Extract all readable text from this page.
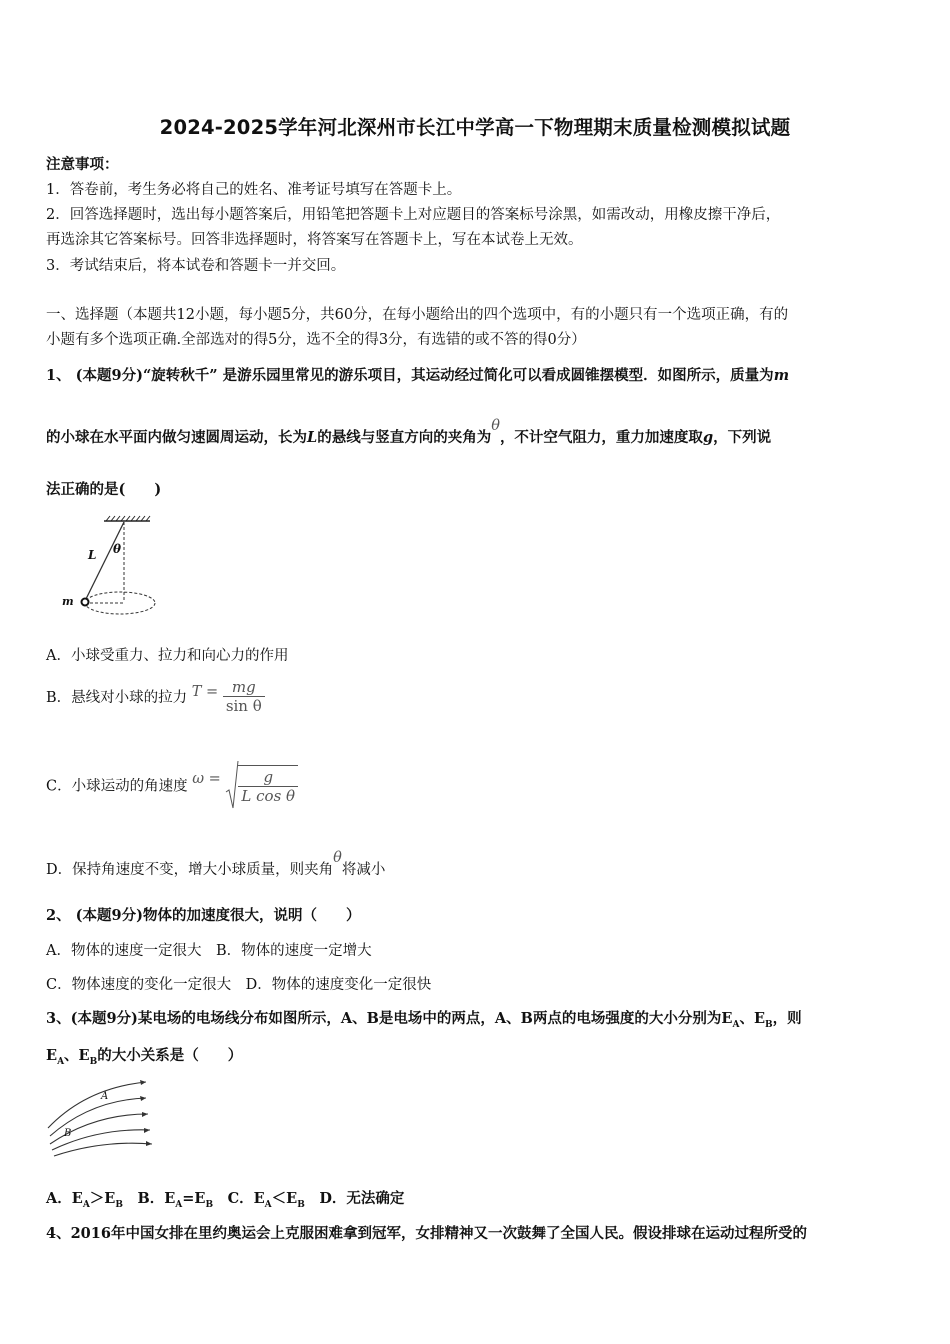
2024-2025学年河北深州市长江中学高一下物理期末质量检测模拟试题
注意事项：
1．答卷前，考生务必将自己的姓名、准考证号填写在答题卡上。
2．回答选择题时，选出每小题答案后，用铅笔把答题卡上对应题目的答案标号涂黑，如需改动，用橡皮擦干净后，
再选涂其它答案标号。回答非选择题时，将答案写在答题卡上，写在本试卷上无效。
3．考试结束后，将本试卷和答题卡一并交回。
一、选择题（本题共12小题，每小题5分，共60分，在每小题给出的四个选项中，有的小题只有一个选项正确，有的
小题有多个选项正确.全部选对的得5分，选不全的得3分，有选错的或不答的得0分）
1、 (本题9分)“旋转秋千” 是游乐园里常见的游乐项目，其运动经过简化可以看成圆锥摆模型．如图所示，质量为m
的小球在水平面内做匀速圆周运动，长为L的悬线与竖直方向的夹角为θ，不计空气阻力，重力加速度取g，下列说
法正确的是(　　)
L θ
m
A．小球受重力、拉力和向心力的作用
B．悬线对小球的拉力 $T = \frac{mg}{\text{sin θ}}$
C．小球运动的角速度 $\omega = \frac{g}{\text{L cos θ}}$
D．保持角速度不变，增大小球质量，则夹角θ将减小
2、 (本题9分)物体的加速度很大，说明（　　）
A．物体的速度一定很大　B．物体的速度一定增大
C．物体速度的变化一定很大　D．物体的速度变化一定很快
3、(本题9分)某电场的电场线分布如图所示，A、B是电场中的两点，A、B两点的电场强度的大小分别为$E_A$、$E_B$，则
$E_A$、$E_B$的大小关系是（　　）
A
B
A．$E_A>E_B$　B．$E_A=E_B$　C．$E_A<E_B$　D．无法确定
4、2016年中国女排在里约奥运会上克服困难拿到冠军，女排精神又一次鼓舞了全国人民。假设排球在运动过程所受的
